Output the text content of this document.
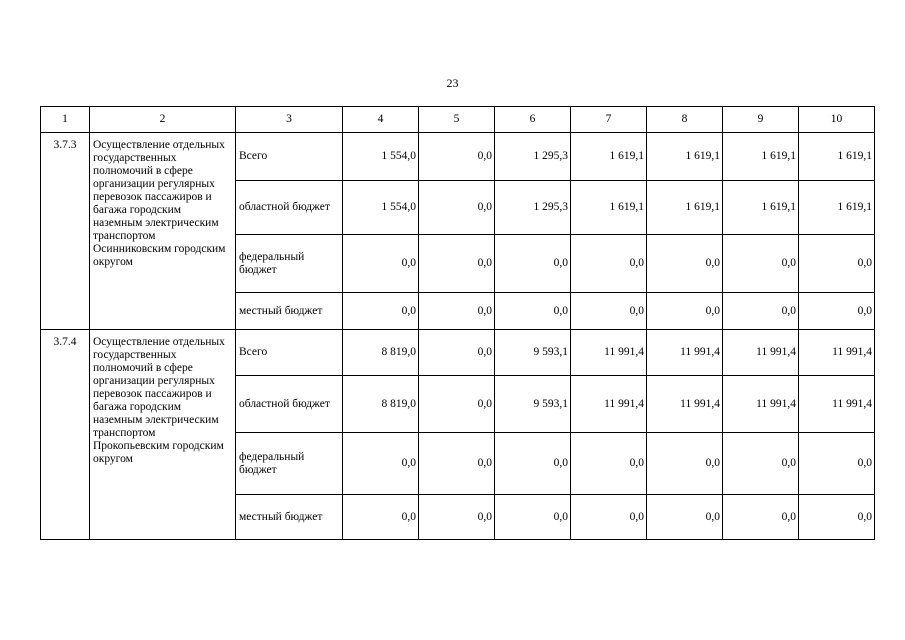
23
1	2	3	4	5	6	7	8	9	10
3.7.3	Осуществление отдельных государственных полномочий в сфере организации регулярных перевозок пассажиров и багажа городским наземным электрическим транспортом Осинниковским городским округом	Всего	1 554,0	0,0	1 295,3	1 619,1	1 619,1	1 619,1	1 619,1
		областной бюджет	1 554,0	0,0	1 295,3	1 619,1	1 619,1	1 619,1	1 619,1
		федеральный бюджет	0,0	0,0	0,0	0,0	0,0	0,0	0,0
		местный бюджет	0,0	0,0	0,0	0,0	0,0	0,0	0,0
3.7.4	Осуществление отдельных государственных полномочий в сфере организации регулярных перевозок пассажиров и багажа городским наземным электрическим транспортом Прокопьевским городским округом	Всего	8 819,0	0,0	9 593,1	11 991,4	11 991,4	11 991,4	11 991,4
		областной бюджет	8 819,0	0,0	9 593,1	11 991,4	11 991,4	11 991,4	11 991,4
		федеральный бюджет	0,0	0,0	0,0	0,0	0,0	0,0	0,0
		местный бюджет	0,0	0,0	0,0	0,0	0,0	0,0	0,0
